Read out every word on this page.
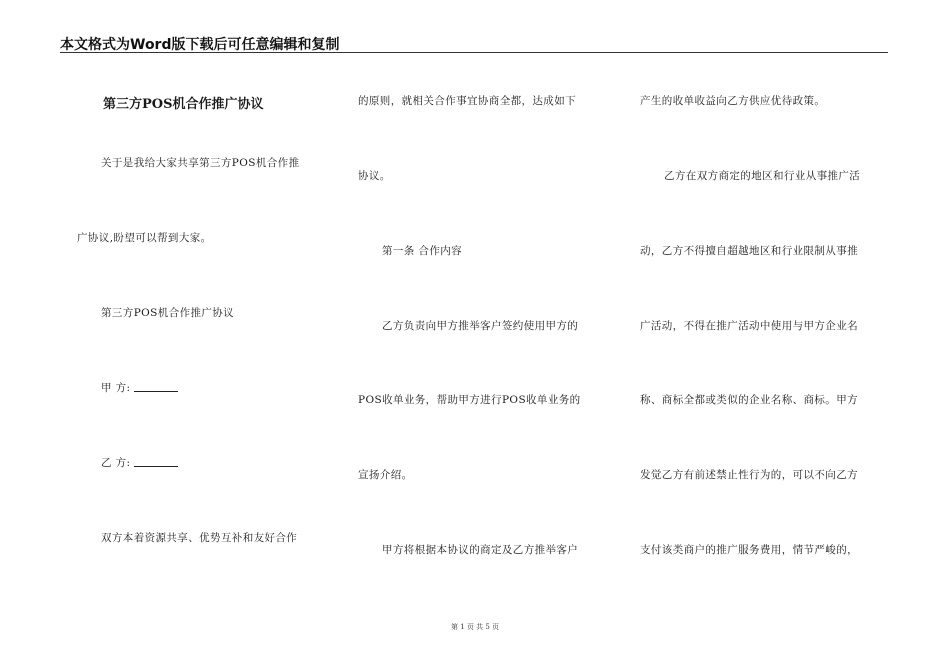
本文格式为Word版下载后可任意编辑和复制
第三方POS机合作推广协议
关于是我给大家共享第三方POS机合作推
广协议,盼望可以帮到大家。
第三方POS机合作推广协议
甲 方:
乙 方:
双方本着资源共享、优势互补和友好合作
的原则，就相关合作事宜协商全都，达成如下
协议。
第一条 合作内容
乙方负责向甲方推举客户签约使用甲方的
POS收单业务，帮助甲方进行POS收单业务的
宣扬介绍。
甲方将根据本协议的商定及乙方推举客户
产生的收单收益向乙方供应优待政策。
乙方在双方商定的地区和行业从事推广活
动，乙方不得擅自超越地区和行业限制从事推
广活动，不得在推广活动中使用与甲方企业名
称、商标全都或类似的企业名称、商标。甲方
发觉乙方有前述禁止性行为的，可以不向乙方
支付该类商户的推广服务费用，情节严峻的，
第 1 页 共 5 页
